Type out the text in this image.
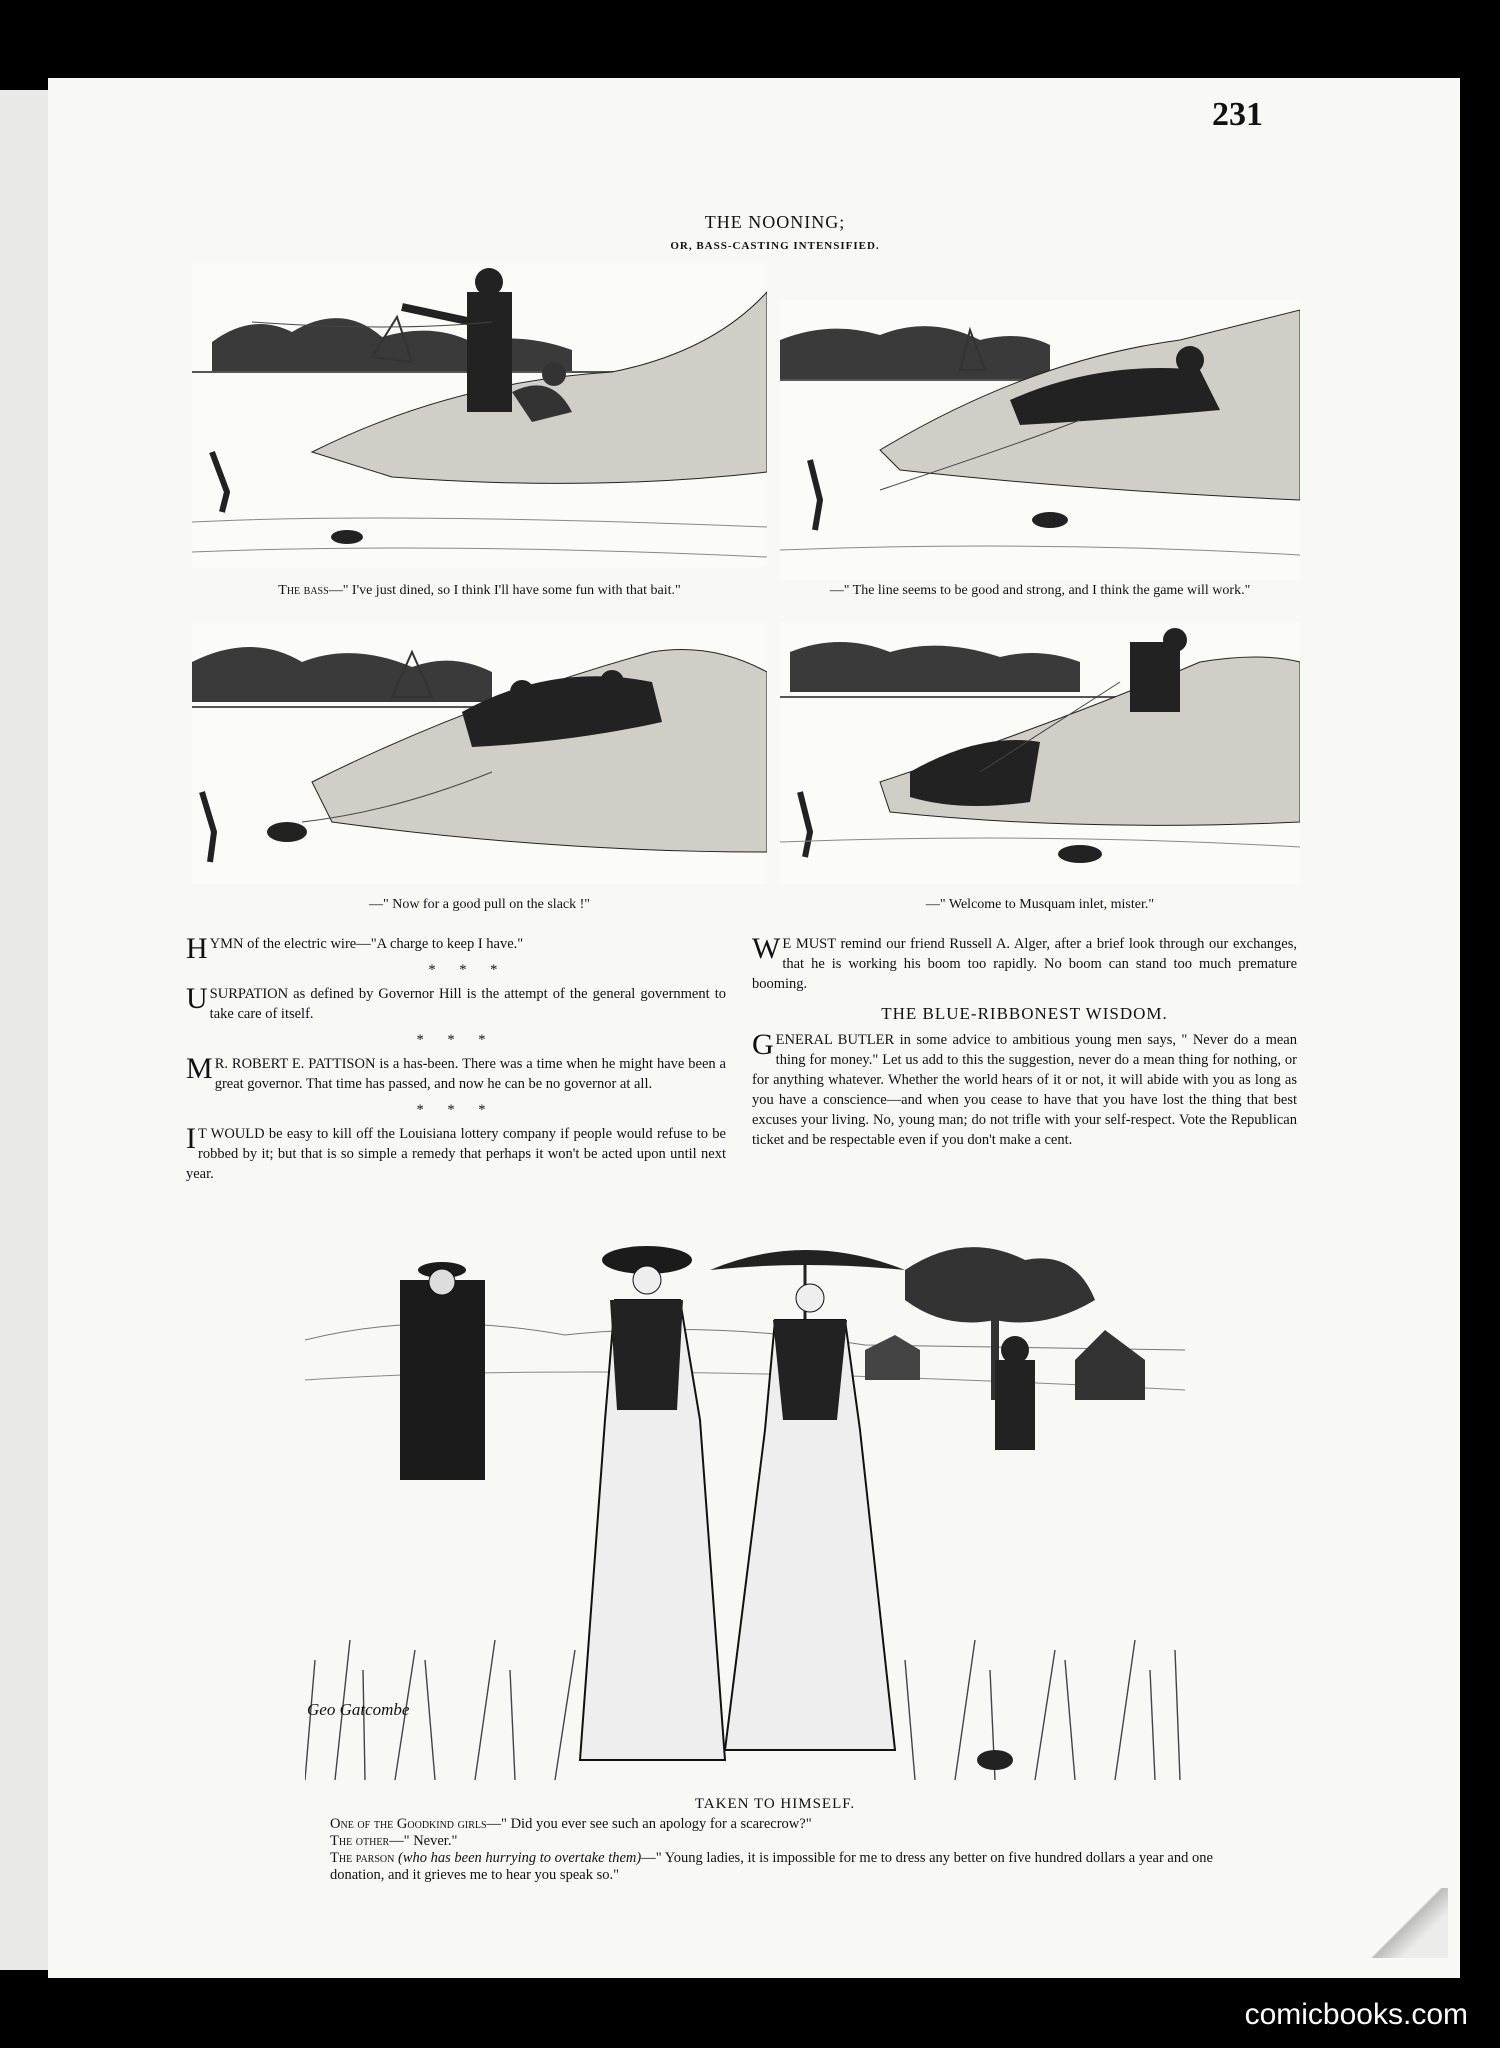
231
THE NOONING;
OR, BASS-CASTING INTENSIFIED.
The bass—" I've just dined, so I think I'll have some fun with that bait."	—" The line seems to be good and strong, and I think the game will work."
—" Now for a good pull on the slack !"	—" Welcome to Musquam inlet, mister."

HYMN of the electric wire—"A charge to keep I have."

* * *

USURPATION as defined by Governor Hill is the attempt of the general government to take care of itself.

* * *

M R. ROBERT E. PATTISON is a has-been. There was a time when he might have been a great governor. That time has passed, and now he can be no governor at all.

* * *

I T WOULD be easy to kill off the Louisiana lottery company if people would refuse to be robbed by it; but that is so simple a remedy that perhaps it won't be acted upon until next year.

W E MUST remind our friend Russell A. Alger, after a brief look through our exchanges, that he is working his boom too rapidly. No boom can stand too much premature booming.

THE BLUE-RIBBONEST WISDOM.

GENERAL BUTLER in some advice to ambitious young men says, " Never do a mean thing for money." Let us add to this the suggestion, never do a mean thing for nothing, or for anything whatever. Whether the world hears of it or not, it will abide with you as long as you have a conscience—and when you cease to have that you have lost the thing that best excuses your living. No, young man; do not trifle with your self-respect. Vote the Republican ticket and be respectable even if you don't make a cent.

Geo Gatcombe
TAKEN TO HIMSELF.

One of the Goodkind girls—" Did you ever see such an apology for a scarecrow?"

The other—" Never."

The parson (who has been hurrying to overtake them)—" Young ladies, it is impossible for me to dress any better on five hundred dollars a year and one donation, and it grieves me to hear you speak so."

comicbooks.com
